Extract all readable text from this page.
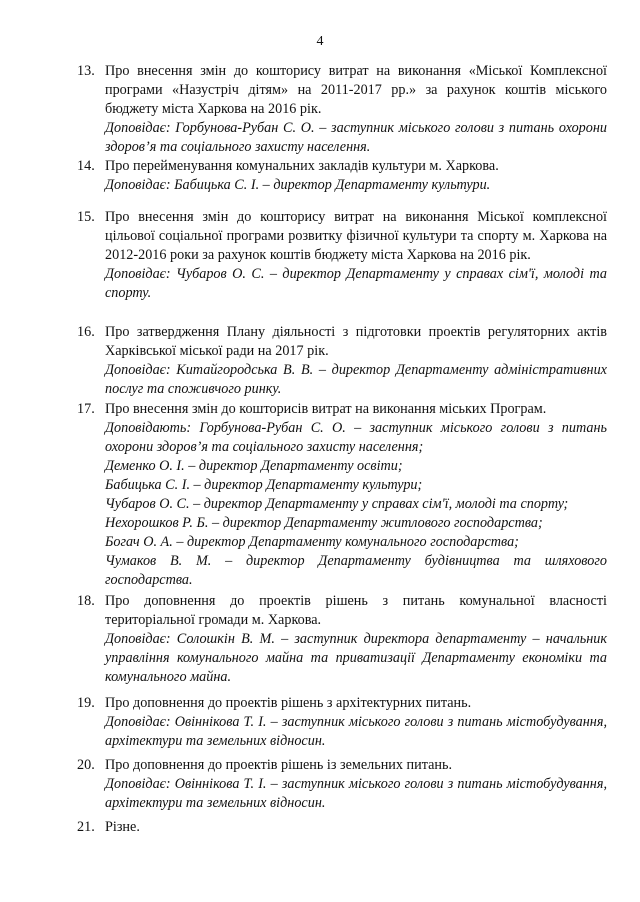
4
13. Про внесення змін до кошторису витрат на виконання «Міської Комплексної програми «Назустріч дітям» на 2011-2017 рр.» за рахунок коштів міського бюджету міста Харкова на 2016 рік.
Доповідає: Горбунова-Рубан С. О. – заступник міського голови з питань охорони здоров’я та соціального захисту населення.
14. Про перейменування комунальних закладів культури м. Харкова.
Доповідає: Бабицька С. І. – директор Департаменту культури.
15. Про внесення змін до кошторису витрат на виконання Міської комплексної цільової соціальної програми розвитку фізичної культури та спорту м. Харкова на 2012-2016 роки за рахунок коштів бюджету міста Харкова на 2016 рік.
Доповідає: Чубаров О. С. – директор Департаменту у справах сім'ї, молоді та спорту.
16. Про затвердження Плану діяльності з підготовки проектів регуляторних актів Харківської міської ради на 2017 рік.
Доповідає: Китайгородська В. В. – директор Департаменту адміністративних послуг та споживчого ринку.
17. Про внесення змін до кошторисів витрат на виконання міських Програм.
Доповідають: Горбунова-Рубан С. О. – заступник міського голови з питань охорони здоров’я та соціального захисту населення;
Деменко О. І. – директор Департаменту освіти;
Бабицька С. І. – директор Департаменту культури;
Чубаров О. С. – директор Департаменту у справах сім'ї, молоді та спорту;
Нехорошков Р. Б. – директор Департаменту житлового господарства;
Богач О. А. – директор Департаменту комунального господарства;
Чумаков В. М. – директор Департаменту будівництва та шляхового господарства.
18. Про доповнення до проектів рішень з питань комунальної власності територіальної громади м. Харкова.
Доповідає: Солошкін В. М. – заступник директора департаменту – начальник управління комунального майна та приватизації Департаменту економіки та комунального майна.
19. Про доповнення до проектів рішень з архітектурних питань.
Доповідає: Овіннікова Т. І. – заступник міського голови з питань містобудування, архітектури та земельних відносин.
20. Про доповнення до проектів рішень із земельних питань.
Доповідає: Овіннікова Т. І. – заступник міського голови з питань містобудування, архітектури та земельних відносин.
21. Різне.
